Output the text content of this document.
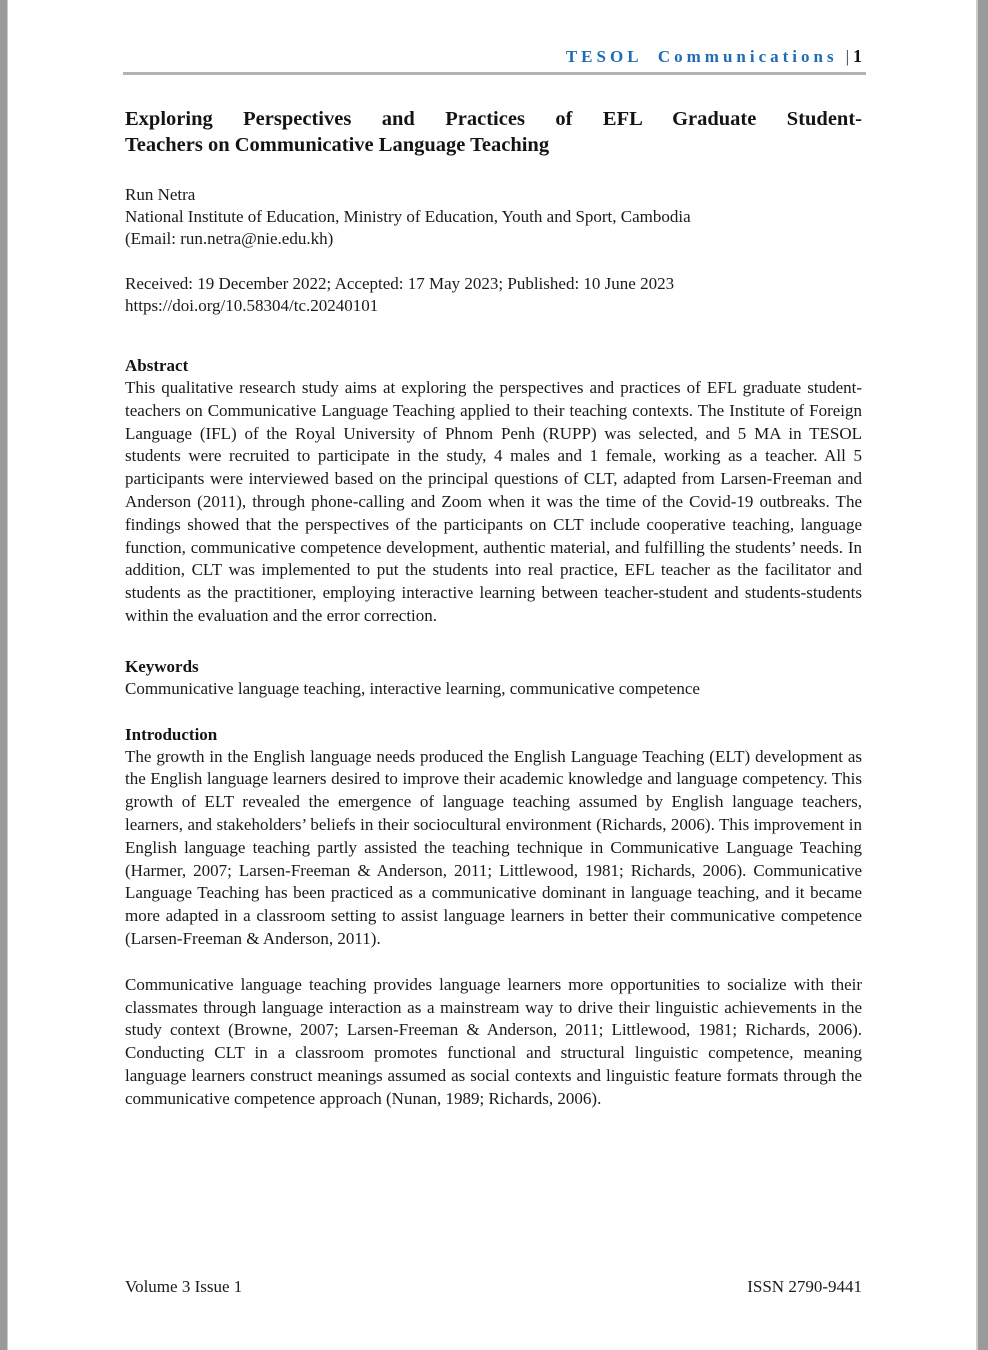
TESOL Communications | 1
Exploring Perspectives and Practices of EFL Graduate Student-
Teachers on Communicative Language Teaching
Run Netra
National Institute of Education, Ministry of Education, Youth and Sport, Cambodia
(Email: run.netra@nie.edu.kh)
Received: 19 December 2022; Accepted: 17 May 2023; Published: 10 June 2023
https://doi.org/10.58304/tc.20240101
Abstract
This qualitative research study aims at exploring the perspectives and practices of EFL graduate student-teachers on Communicative Language Teaching applied to their teaching contexts. The Institute of Foreign Language (IFL) of the Royal University of Phnom Penh (RUPP) was selected, and 5 MA in TESOL students were recruited to participate in the study, 4 males and 1 female, working as a teacher. All 5 participants were interviewed based on the principal questions of CLT, adapted from Larsen-Freeman and Anderson (2011), through phone-calling and Zoom when it was the time of the Covid-19 outbreaks. The findings showed that the perspectives of the participants on CLT include cooperative teaching, language function, communicative competence development, authentic material, and fulfilling the students’ needs. In addition, CLT was implemented to put the students into real practice, EFL teacher as the facilitator and students as the practitioner, employing interactive learning between teacher-student and students-students within the evaluation and the error correction.
Keywords
Communicative language teaching, interactive learning, communicative competence
Introduction
The growth in the English language needs produced the English Language Teaching (ELT) development as the English language learners desired to improve their academic knowledge and language competency. This growth of ELT revealed the emergence of language teaching assumed by English language teachers, learners, and stakeholders’ beliefs in their sociocultural environment (Richards, 2006). This improvement in English language teaching partly assisted the teaching technique in Communicative Language Teaching (Harmer, 2007; Larsen-Freeman & Anderson, 2011; Littlewood, 1981; Richards, 2006). Communicative Language Teaching has been practiced as a communicative dominant in language teaching, and it became more adapted in a classroom setting to assist language learners in better their communicative competence (Larsen-Freeman & Anderson, 2011).
Communicative language teaching provides language learners more opportunities to socialize with their classmates through language interaction as a mainstream way to drive their linguistic achievements in the study context (Browne, 2007; Larsen-Freeman & Anderson, 2011; Littlewood, 1981; Richards, 2006). Conducting CLT in a classroom promotes functional and structural linguistic competence, meaning language learners construct meanings assumed as social contexts and linguistic feature formats through the communicative competence approach (Nunan, 1989; Richards, 2006).
Volume 3 Issue 1	ISSN 2790-9441
